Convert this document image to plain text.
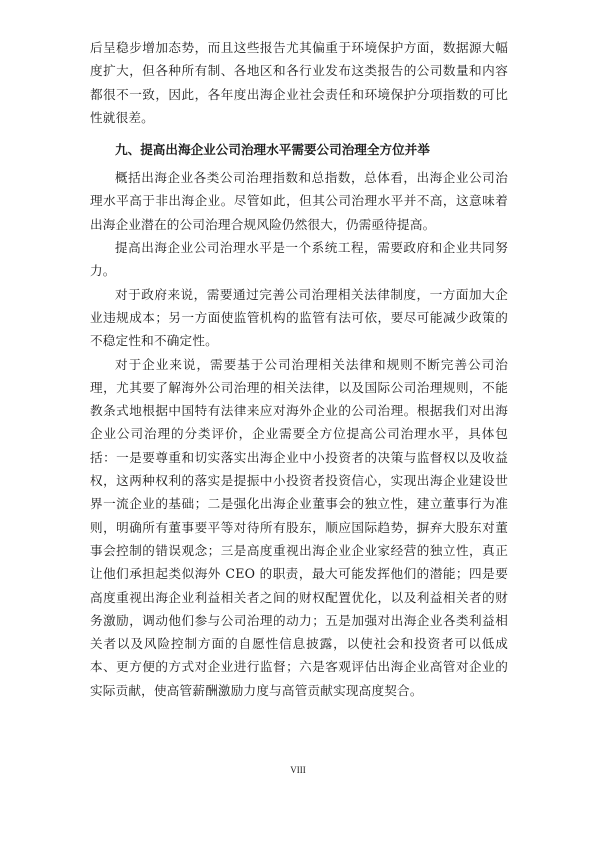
后呈稳步增加态势，而且这些报告尤其偏重于环境保护方面，数据源大幅度扩大，但各种所有制、各地区和各行业发布这类报告的公司数量和内容都很不一致，因此，各年度出海企业社会责任和环境保护分项指数的可比性就很差。

九、提高出海企业公司治理水平需要公司治理全方位并举

概括出海企业各类公司治理指数和总指数，总体看，出海企业公司治理水平高于非出海企业。尽管如此，但其公司治理水平并不高，这意味着出海企业潜在的公司治理合规风险仍然很大，仍需亟待提高。

提高出海企业公司治理水平是一个系统工程，需要政府和企业共同努力。

对于政府来说，需要通过完善公司治理相关法律制度，一方面加大企业违规成本；另一方面使监管机构的监管有法可依，要尽可能减少政策的不稳定性和不确定性。

对于企业来说，需要基于公司治理相关法律和规则不断完善公司治理，尤其要了解海外公司治理的相关法律，以及国际公司治理规则，不能教条式地根据中国特有法律来应对海外企业的公司治理。根据我们对出海企业公司治理的分类评价，企业需要全方位提高公司治理水平，具体包括：一是要尊重和切实落实出海企业中小投资者的决策与监督权以及收益权，这两种权利的落实是提振中小投资者投资信心，实现出海企业建设世界一流企业的基础；二是强化出海企业董事会的独立性，建立董事行为准则，明确所有董事要平等对待所有股东，顺应国际趋势，摒弃大股东对董事会控制的错误观念；三是高度重视出海企业企业家经营的独立性，真正让他们承担起类似海外 CEO 的职责，最大可能发挥他们的潜能；四是要高度重视出海企业利益相关者之间的财权配置优化，以及利益相关者的财务激励，调动他们参与公司治理的动力；五是加强对出海企业各类利益相关者以及风险控制方面的自愿性信息披露，以使社会和投资者可以低成本、更方便的方式对企业进行监督；六是客观评估出海企业高管对企业的实际贡献，使高管薪酬激励力度与高管贡献实现高度契合。

VIII
